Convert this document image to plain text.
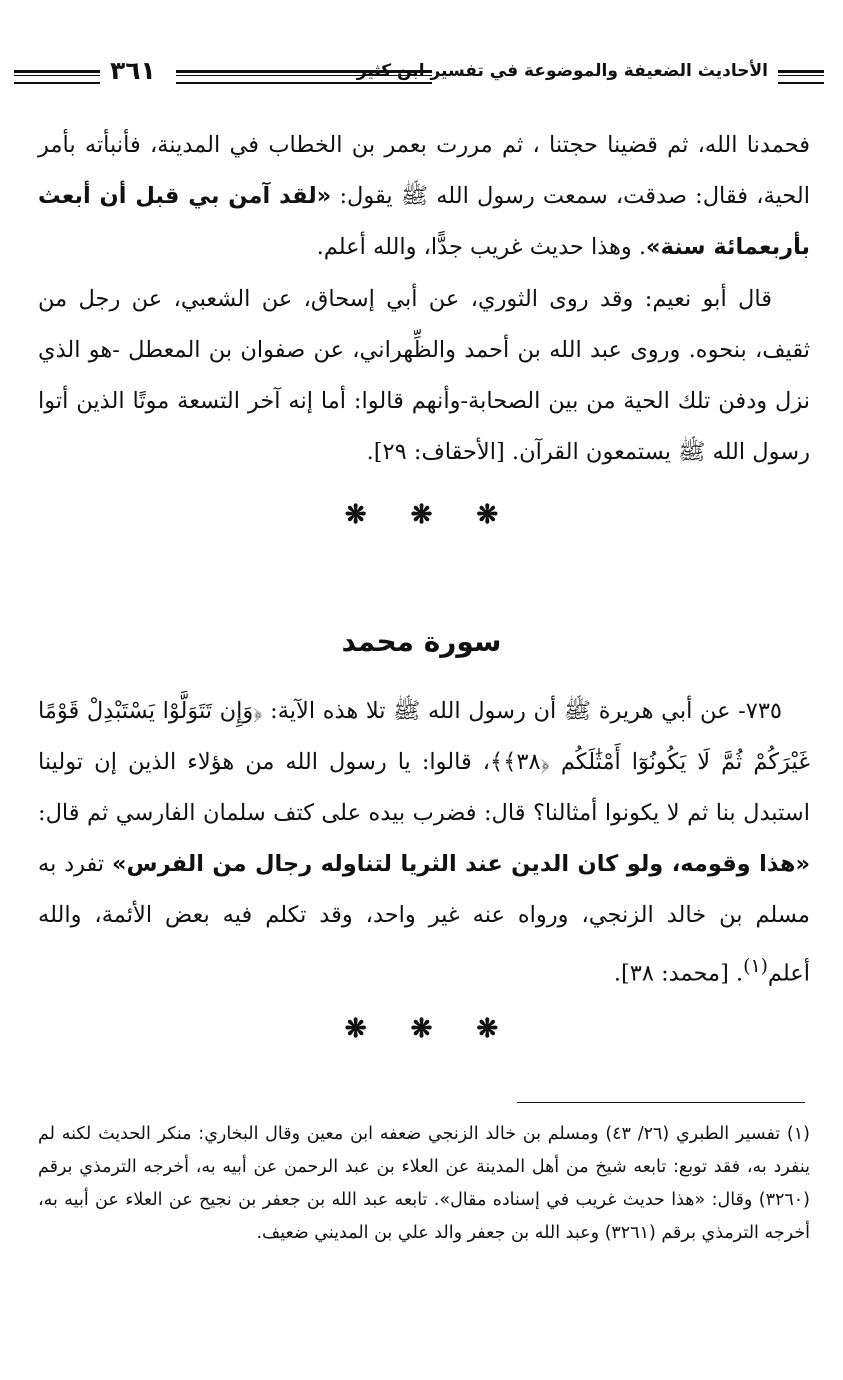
الأحاديث الضعيفة والموضوعة في تفسير ابن كثير
٣٦١

فحمدنا الله، ثم قضينا حجتنا ، ثم مررت بعمر بن الخطاب في المدينة، فأنبأته بأمر الحية، فقال: صدقت، سمعت رسول الله ﷺ يقول: «لقد آمن بي قبل أن أبعث بأربعمائة سنة». وهذا حديث غريب جدًّا، والله أعلم.

قال أبو نعيم: وقد روى الثوري، عن أبي إسحاق، عن الشعبي، عن رجل من ثقيف، بنحوه. وروى عبد الله بن أحمد والظِّهراني، عن صفوان بن المعطل -هو الذي نزل ودفن تلك الحية من بين الصحابة-وأنهم قالوا: أما إنه آخر التسعة موتًا الذين أتوا رسول الله ﷺ يستمعون القرآن. [الأحقاف: ٢٩].

❋ ❋ ❋
سورة محمد

٧٣٥- عن أبي هريرة ﷺ أن رسول الله ﷺ تلا هذه الآية: ﴿وَإِن تَتَوَلَّوْا يَسْتَبْدِلْ قَوْمًا غَيْرَكُمْ ثُمَّ لَا يَكُونُوٓا أَمْثَٰلَكُم ﴿٣٨﴾﴾، قالوا: يا رسول الله من هؤلاء الذين إن تولينا استبدل بنا ثم لا يكونوا أمثالنا؟ قال: فضرب بيده على كتف سلمان الفارسي ثم قال: «هذا وقومه، ولو كان الدين عند الثريا لتناوله رجال من الفرس» تفرد به مسلم بن خالد الزنجي، ورواه عنه غير واحد، وقد تكلم فيه بعض الأئمة، والله أعلم$^{(١)}$. [محمد: ٣٨].

❋ ❋ ❋

(١) تفسير الطبري (٢٦/ ٤٣) ومسلم بن خالد الزنجي ضعفه ابن معين وقال البخاري: منكر الحديث لكنه لم ينفرد به، فقد توبع: تابعه شيخ من أهل المدينة عن العلاء بن عبد الرحمن عن أبيه به، أخرجه الترمذي برقم (٣٢٦٠) وقال: «هذا حديث غريب في إسناده مقال». تابعه عبد الله بن جعفر بن نجيح عن العلاء عن أبيه به، أخرجه الترمذي برقم (٣٢٦١) وعبد الله بن جعفر والد علي بن المديني ضعيف.
